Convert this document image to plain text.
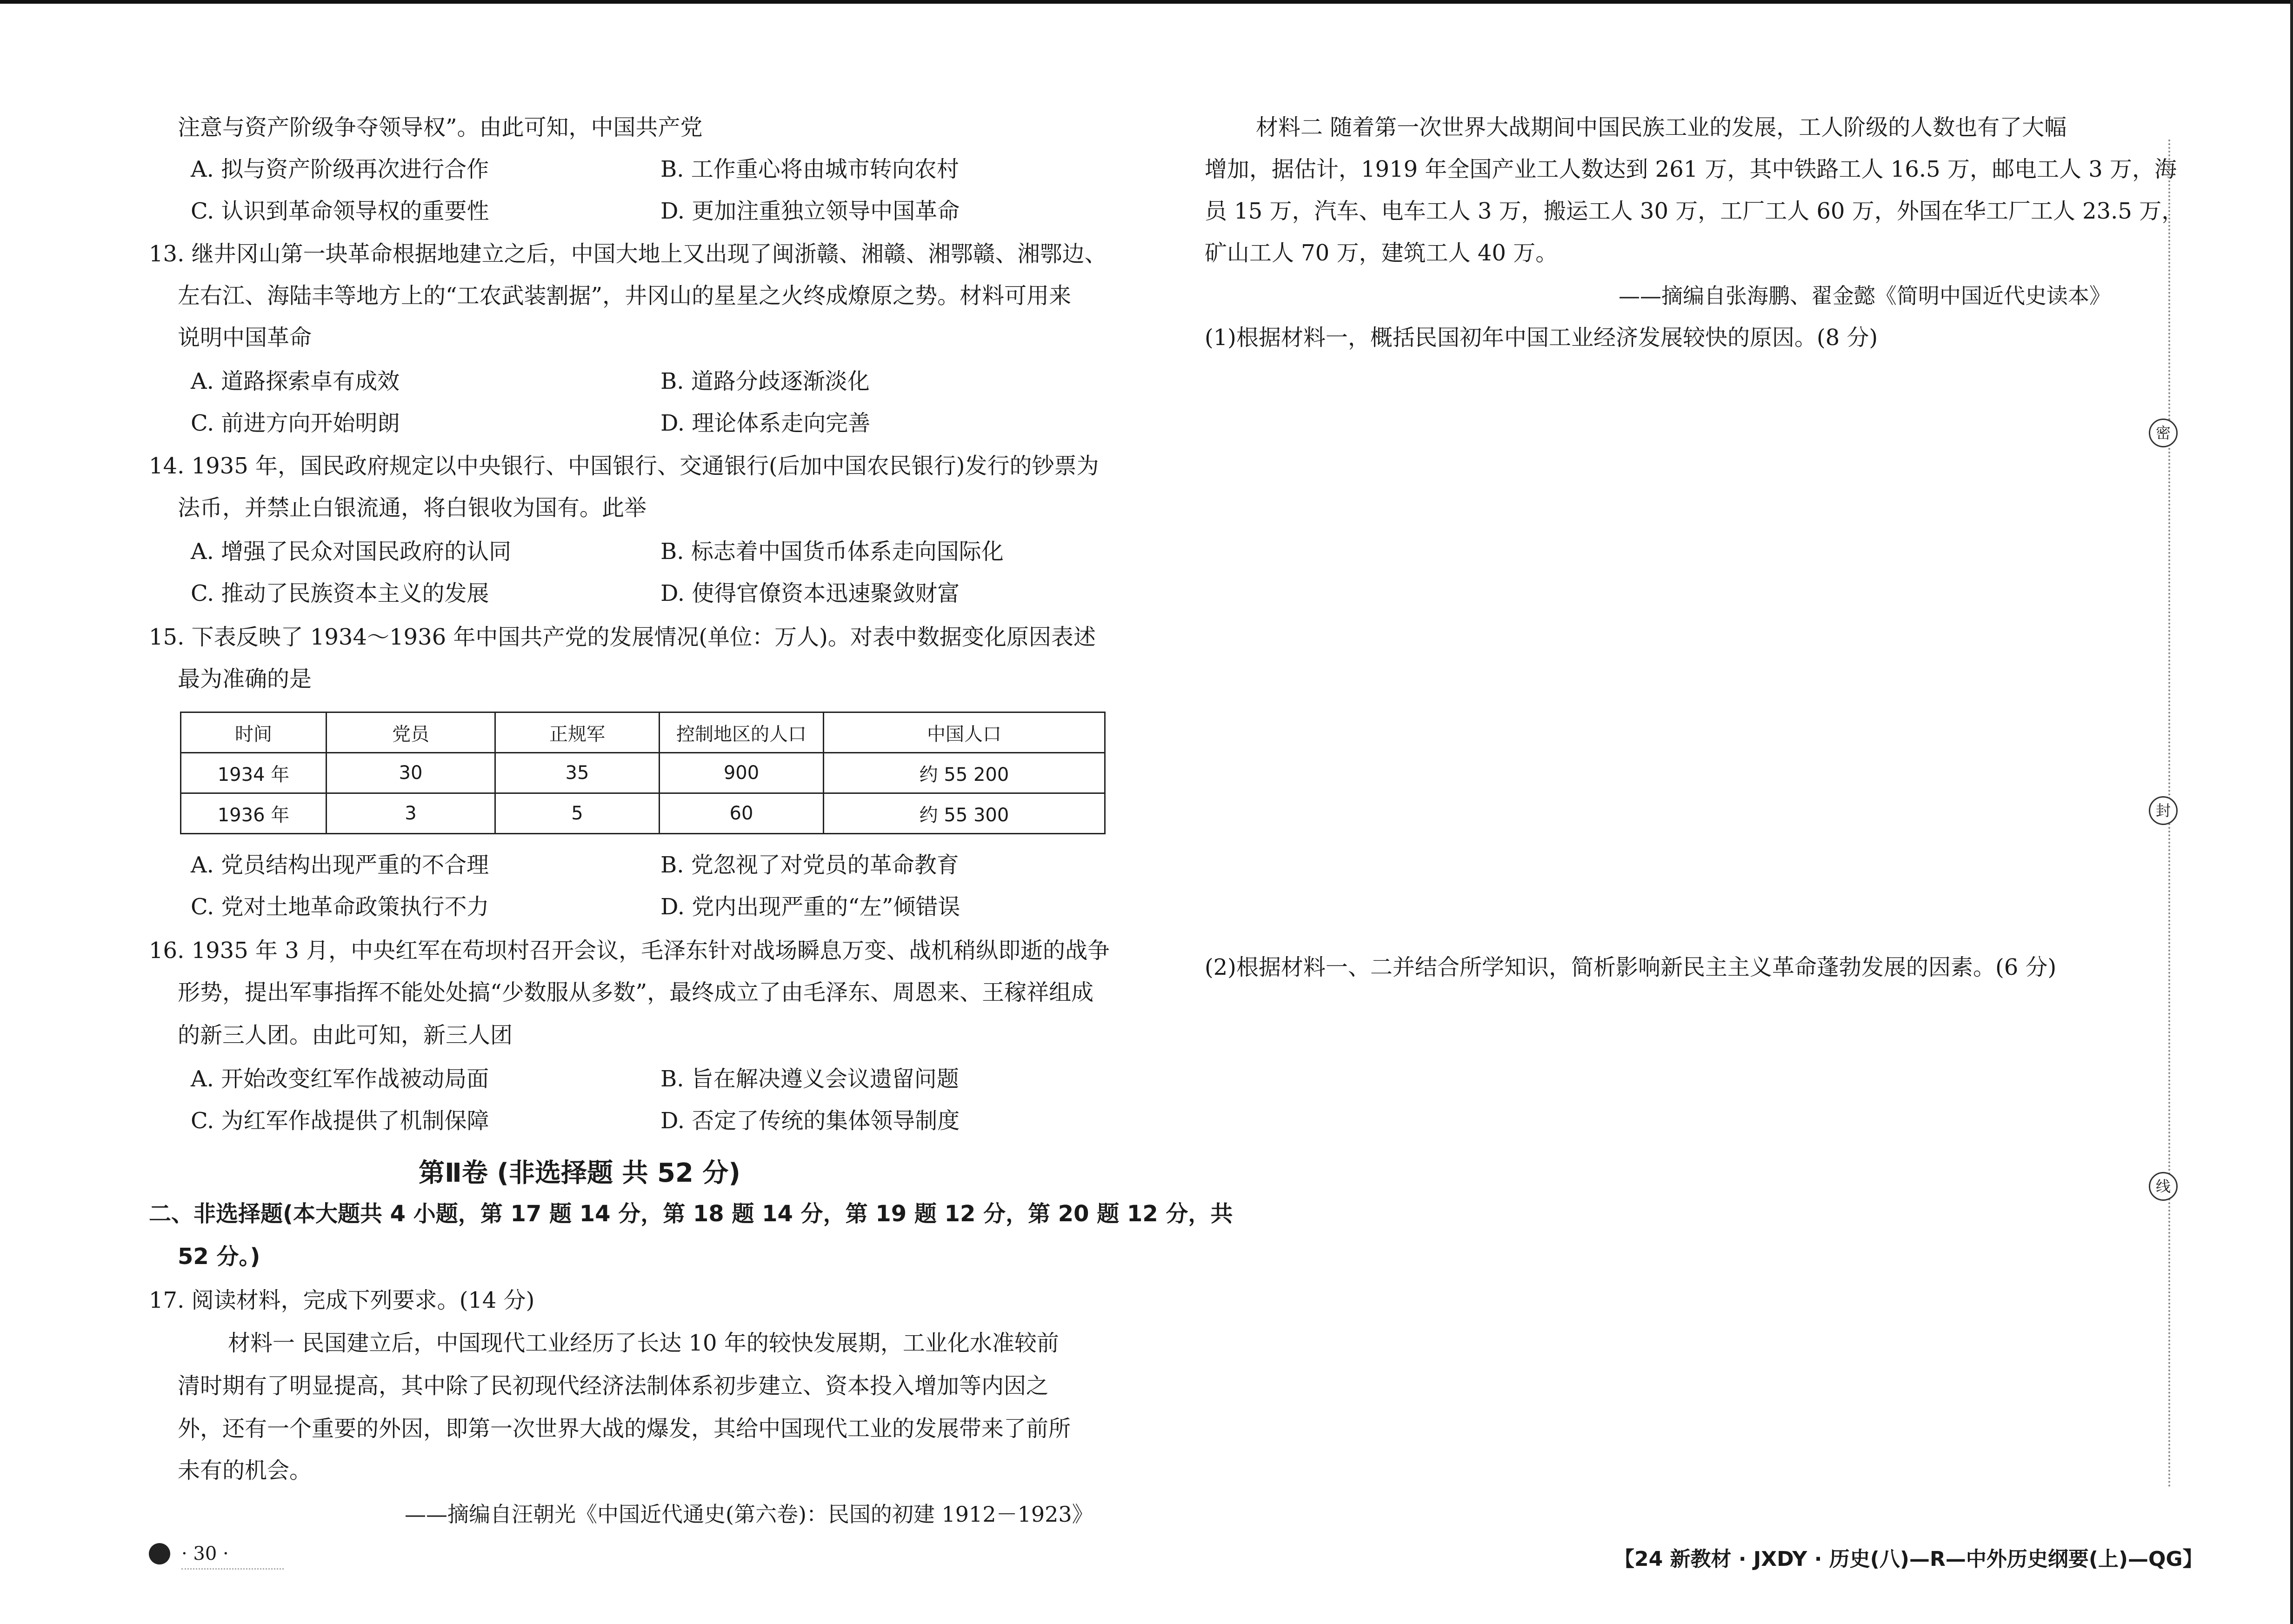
注意与资产阶级争夺领导权”。由此可知，中国共产党
A. 拟与资产阶级再次进行合作	B. 工作重心将由城市转向农村
C. 认识到革命领导权的重要性	D. 更加注重独立领导中国革命
13. 继井冈山第一块革命根据地建立之后，中国大地上又出现了闽浙赣、湘赣、湘鄂赣、湘鄂边、
左右江、海陆丰等地方上的“工农武装割据”，井冈山的星星之火终成燎原之势。材料可用来
说明中国革命
A. 道路探索卓有成效	B. 道路分歧逐渐淡化
C. 前进方向开始明朗	D. 理论体系走向完善
14. 1935 年，国民政府规定以中央银行、中国银行、交通银行(后加中国农民银行)发行的钞票为
法币，并禁止白银流通，将白银收为国有。此举
A. 增强了民众对国民政府的认同	B. 标志着中国货币体系走向国际化
C. 推动了民族资本主义的发展	D. 使得官僚资本迅速聚敛财富
15. 下表反映了 1934～1936 年中国共产党的发展情况(单位：万人)。对表中数据变化原因表述
最为准确的是
时间	党员	正规军	控制地区的人口	中国人口
1934 年	30	35	900	约 55 200
1936 年	3	5	60	约 55 300
A. 党员结构出现严重的不合理	B. 党忽视了对党员的革命教育
C. 党对土地革命政策执行不力	D. 党内出现严重的“左”倾错误
16. 1935 年 3 月，中央红军在苟坝村召开会议，毛泽东针对战场瞬息万变、战机稍纵即逝的战争
形势，提出军事指挥不能处处搞“少数服从多数”，最终成立了由毛泽东、周恩来、王稼祥组成
的新三人团。由此可知，新三人团
A. 开始改变红军作战被动局面	B. 旨在解决遵义会议遗留问题
C. 为红军作战提供了机制保障	D. 否定了传统的集体领导制度
第Ⅱ卷 (非选择题 共 52 分)
二、非选择题(本大题共 4 小题，第 17 题 14 分，第 18 题 14 分，第 19 题 12 分，第 20 题 12 分，共
52 分。)
17. 阅读材料，完成下列要求。(14 分)
材料一 民国建立后，中国现代工业经历了长达 10 年的较快发展期，工业化水准较前
清时期有了明显提高，其中除了民初现代经济法制体系初步建立、资本投入增加等内因之
外，还有一个重要的外因，即第一次世界大战的爆发，其给中国现代工业的发展带来了前所
未有的机会。
——摘编自汪朝光《中国近代通史(第六卷)：民国的初建 1912－1923》
· 30 ·
材料二 随着第一次世界大战期间中国民族工业的发展，工人阶级的人数也有了大幅
增加，据估计，1919 年全国产业工人数达到 261 万，其中铁路工人 16.5 万，邮电工人 3 万，海
员 15 万，汽车、电车工人 3 万，搬运工人 30 万，工厂工人 60 万，外国在华工厂工人 23.5 万，
矿山工人 70 万，建筑工人 40 万。
——摘编自张海鹏、翟金懿《简明中国近代史读本》
(1)根据材料一，概括民国初年中国工业经济发展较快的原因。(8 分)
(2)根据材料一、二并结合所学知识，简析影响新民主主义革命蓬勃发展的因素。(6 分)
【24 新教材 · JXDY · 历史(八)—R—中外历史纲要(上)—QG】
密
封
线
